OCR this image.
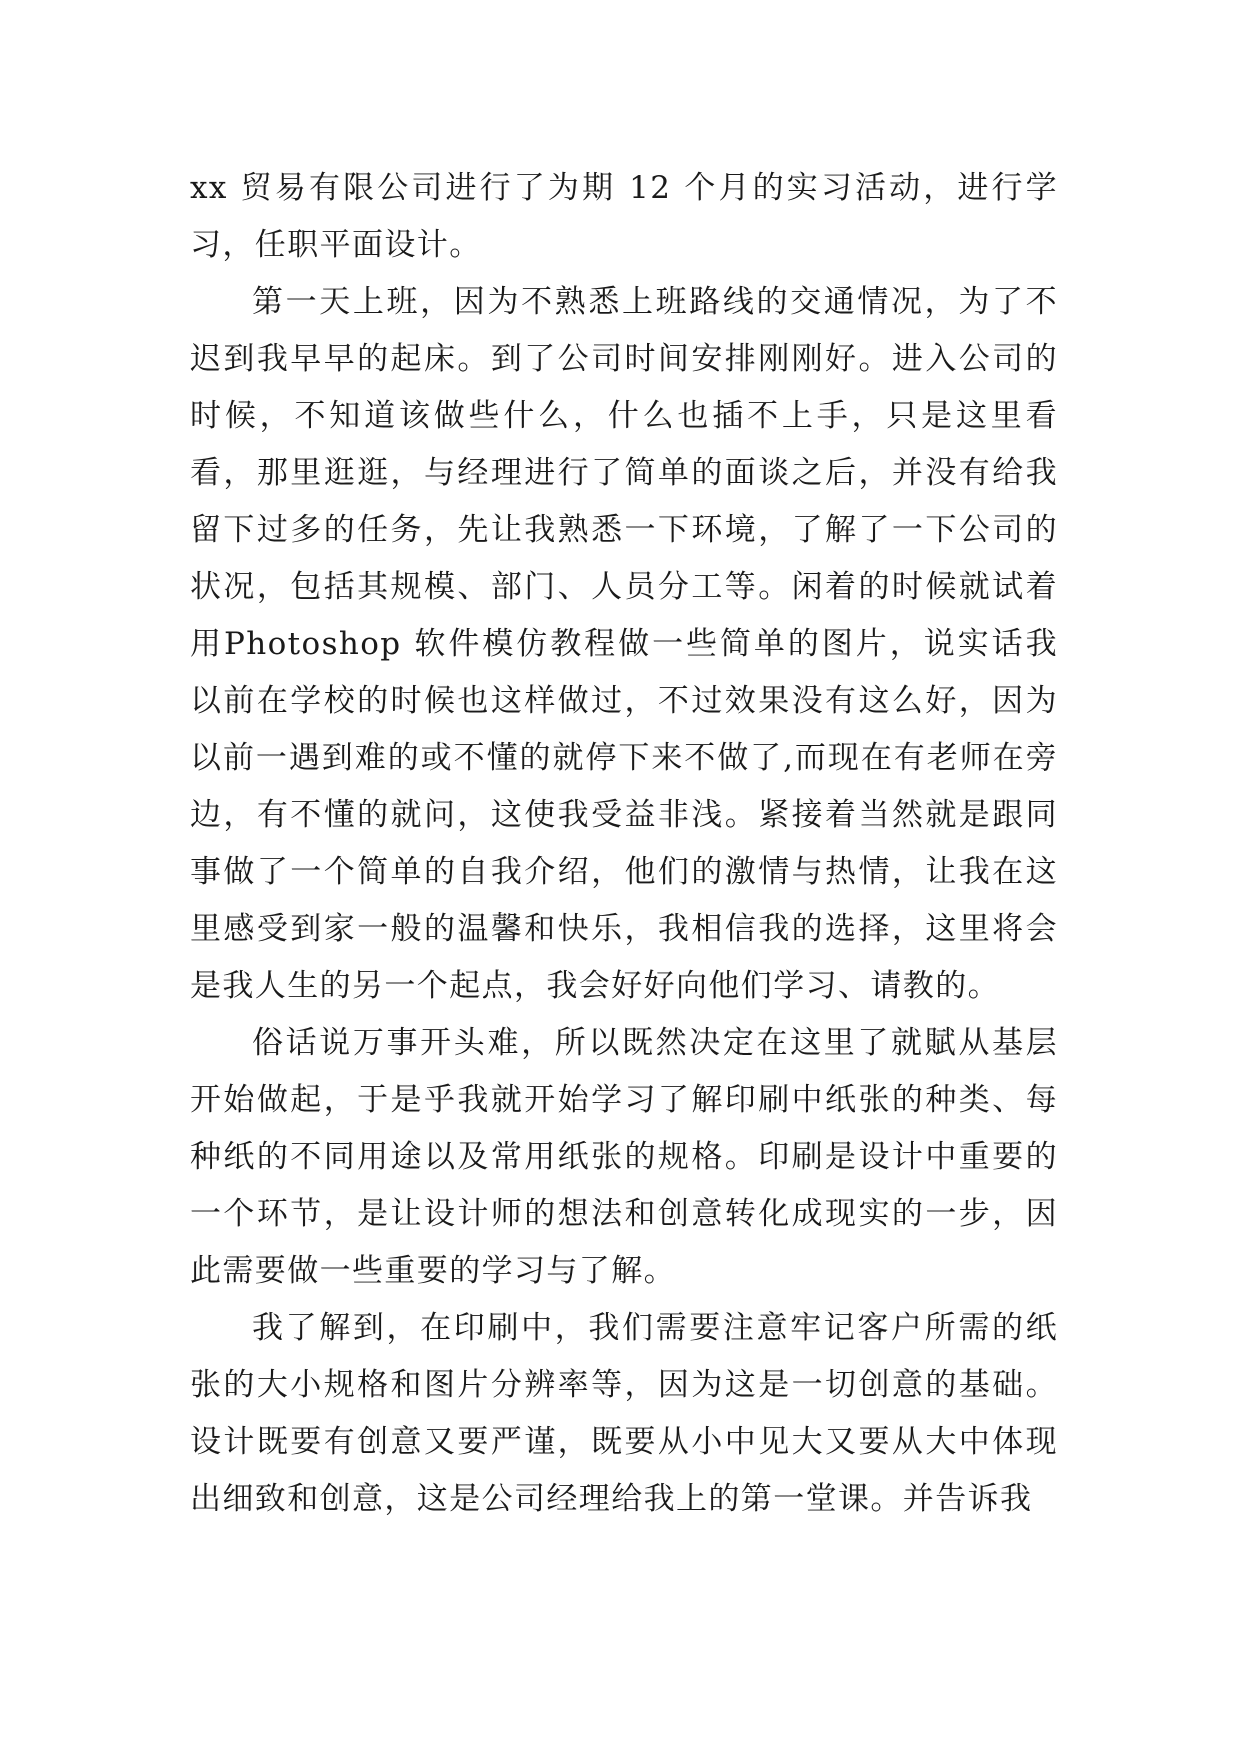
xx 贸易有限公司进行了为期 12 个月的实习活动，进行学习，任职平面设计。

第一天上班，因为不熟悉上班路线的交通情况，为了不迟到我早早的起床。到了公司时间安排刚刚好。进入公司的时候，不知道该做些什么，什么也插不上手，只是这里看看，那里逛逛，与经理进行了简单的面谈之后，并没有给我留下过多的任务，先让我熟悉一下环境，了解了一下公司的状况，包括其规模、部门、人员分工等。闲着的时候就试着用Photoshop 软件模仿教程做一些简单的图片，说实话我以前在学校的时候也这样做过，不过效果没有这么好，因为以前一遇到难的或不懂的就停下来不做了,而现在有老师在旁边，有不懂的就问，这使我受益非浅。紧接着当然就是跟同事做了一个简单的自我介绍，他们的激情与热情，让我在这里感受到家一般的温馨和快乐，我相信我的选择，这里将会是我人生的另一个起点，我会好好向他们学习、请教的。

俗话说万事开头难，所以既然决定在这里了就賦从基层开始做起，于是乎我就开始学习了解印刷中纸张的种类、每种纸的不同用途以及常用纸张的规格。印刷是设计中重要的一个环节，是让设计师的想法和创意转化成现实的一步，因此需要做一些重要的学习与了解。

我了解到，在印刷中，我们需要注意牢记客户所需的纸张的大小规格和图片分辨率等，因为这是一切创意的基础。设计既要有创意又要严谨，既要从小中见大又要从大中体现出细致和创意，这是公司经理给我上的第一堂课。并告诉我
